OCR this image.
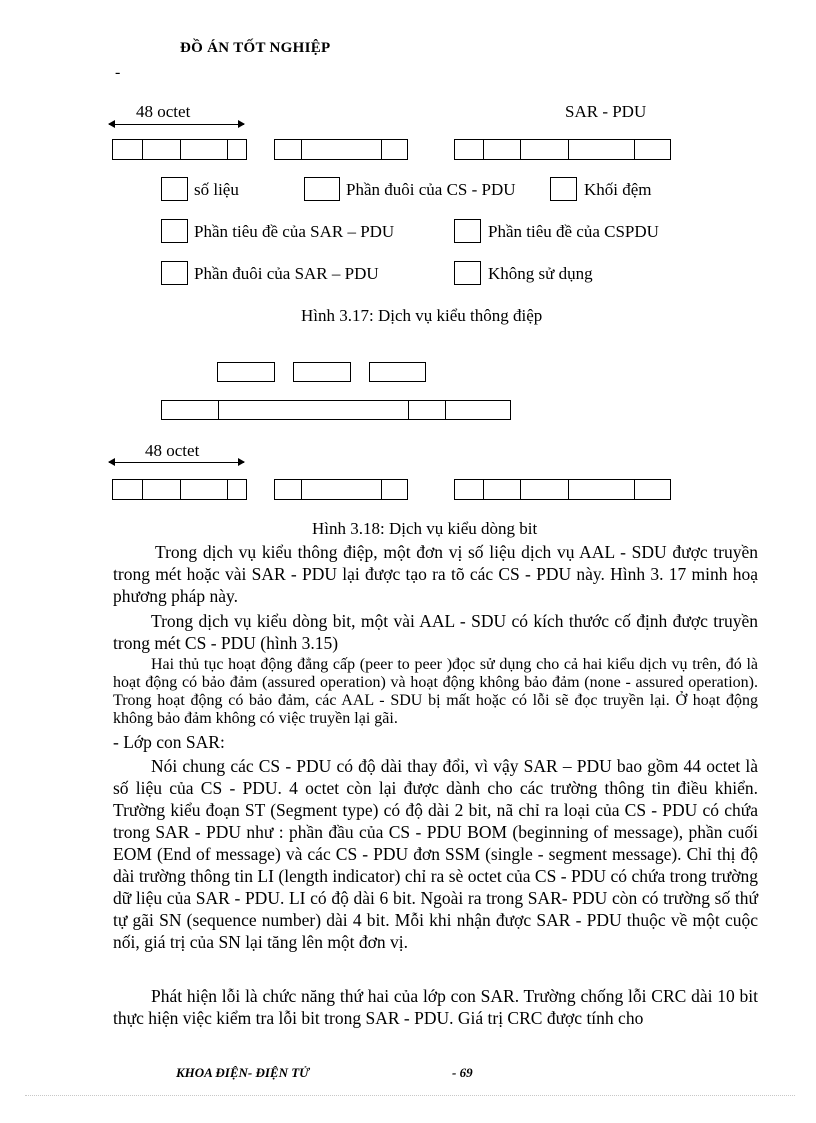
ĐỒ ÁN TỐT NGHIỆP
-
48 octet	SAR - PDU
số liệu	Phần đuôi của CS - PDU	Khối đệm
Phần tiêu đề của SAR – PDU	Phần tiêu đề của CSPDU
Phần đuôi của SAR – PDU	Không sử dụng
Hình 3.17: Dịch vụ kiểu thông điệp
48 octet
Hình 3.18: Dịch vụ kiểu dòng bit
Trong dịch vụ kiểu thông điệp, một đơn vị số liệu dịch vụ AAL - SDU được truyền trong mét hoặc vài SAR - PDU lại được tạo ra tõ các CS - PDU này. Hình 3. 17 minh hoạ phương pháp này.
Trong dịch vụ kiểu dòng bit, một vài AAL - SDU có kích thước cố định được truyền trong mét CS - PDU (hình 3.15)
Hai thủ tục hoạt động đẳng cấp (peer to peer )đọc sử dụng cho cả hai kiểu dịch vụ trên, đó là hoạt động có bảo đảm (assured operation) và hoạt động không bảo đảm (none - assured operation). Trong hoạt động có bảo đảm, các AAL - SDU bị mất hoặc có lỗi sẽ đọc truyền lại. Ở hoạt động không bảo đảm không có việc truyền lại gãi.
- Lớp con SAR:
Nói chung các CS - PDU có độ dài thay đổi, vì vậy SAR – PDU bao gồm 44 octet là số liệu của CS - PDU. 4 octet còn lại được dành cho các trường thông tin điều khiển. Trường kiểu đoạn ST (Segment type) có độ dài 2 bit, nã chỉ ra loại của CS - PDU có chứa trong SAR - PDU như : phần đầu của CS - PDU BOM (beginning of message), phần cuối EOM (End of message) và các CS - PDU đơn SSM (single - segment message). Chỉ thị độ dài trường thông tin LI (length indicator) chỉ ra sè octet của CS - PDU có chứa trong trường dữ liệu của SAR - PDU. LI có độ dài 6 bit. Ngoài ra trong SAR- PDU còn có trường số thứ tự gãi SN (sequence number) dài 4 bit. Mỗi khi nhận được SAR - PDU thuộc về một cuộc nối, giá trị của SN lại tăng lên một đơn vị.
Phát hiện lỗi là chức năng thứ hai của lớp con SAR. Trường chống lỗi CRC dài 10 bit thực hiện việc kiểm tra lỗi bit trong SAR - PDU. Giá trị CRC được tính cho
KHOA ĐIỆN- ĐIỆN TỬ	- 69
